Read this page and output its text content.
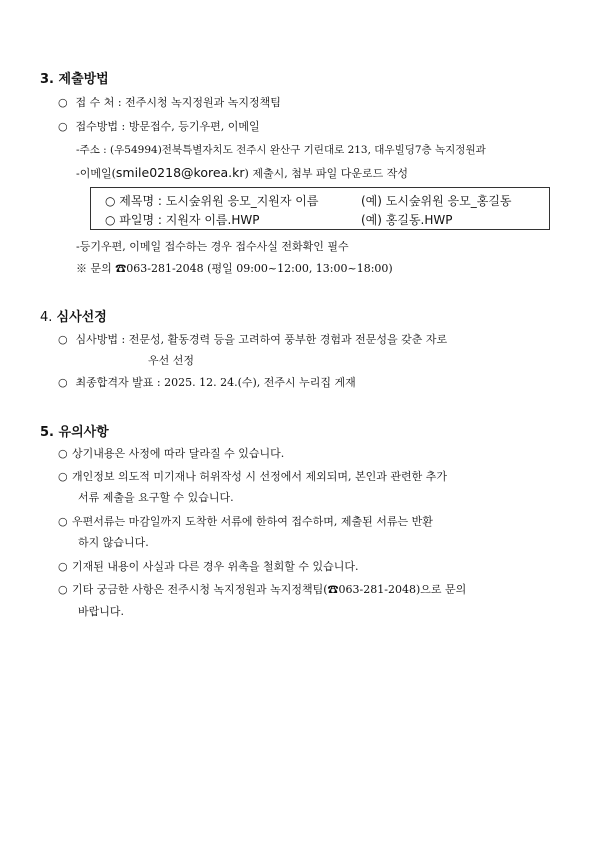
3. 제출방법
○ 접 수 처 : 전주시청 녹지정원과 녹지정책팀
○ 접수방법 : 방문접수, 등기우편, 이메일
-주소 : (우54994)전북특별자치도 전주시 완산구 기린대로 213, 대우빌딩7층 녹지정원과
-이메일(smile0218@korea.kr) 제출시, 첨부 파일 다운로드 작성
○ 제목명 : 도시숲위원 응모_지원자 이름	(예) 도시숲위원 응모_홍길동
○ 파일명 : 지원자 이름.HWP	(예) 홍길동.HWP
-등기우편, 이메일 접수하는 경우 접수사실 전화확인 필수
※ 문의 ☎063-281-2048 (평일 09:00~12:00, 13:00~18:00)
4. 심사선정
○ 심사방법 : 전문성, 활동경력 등을 고려하여 풍부한 경험과 전문성을 갖춘 자로
우선 선정
○ 최종합격자 발표 : 2025. 12. 24.(수), 전주시 누리집 게재
5. 유의사항
○ 상기내용은 사정에 따라 달라질 수 있습니다.
○ 개인정보 의도적 미기재나 허위작성 시 선정에서 제외되며, 본인과 관련한 추가
서류 제출을 요구할 수 있습니다.
○ 우편서류는 마감일까지 도착한 서류에 한하여 접수하며, 제출된 서류는 반환
하지 않습니다.
○ 기재된 내용이 사실과 다른 경우 위촉을 철회할 수 있습니다.
○ 기타 궁금한 사항은 전주시청 녹지정원과 녹지정책팀(☎063-281-2048)으로 문의
바랍니다.
